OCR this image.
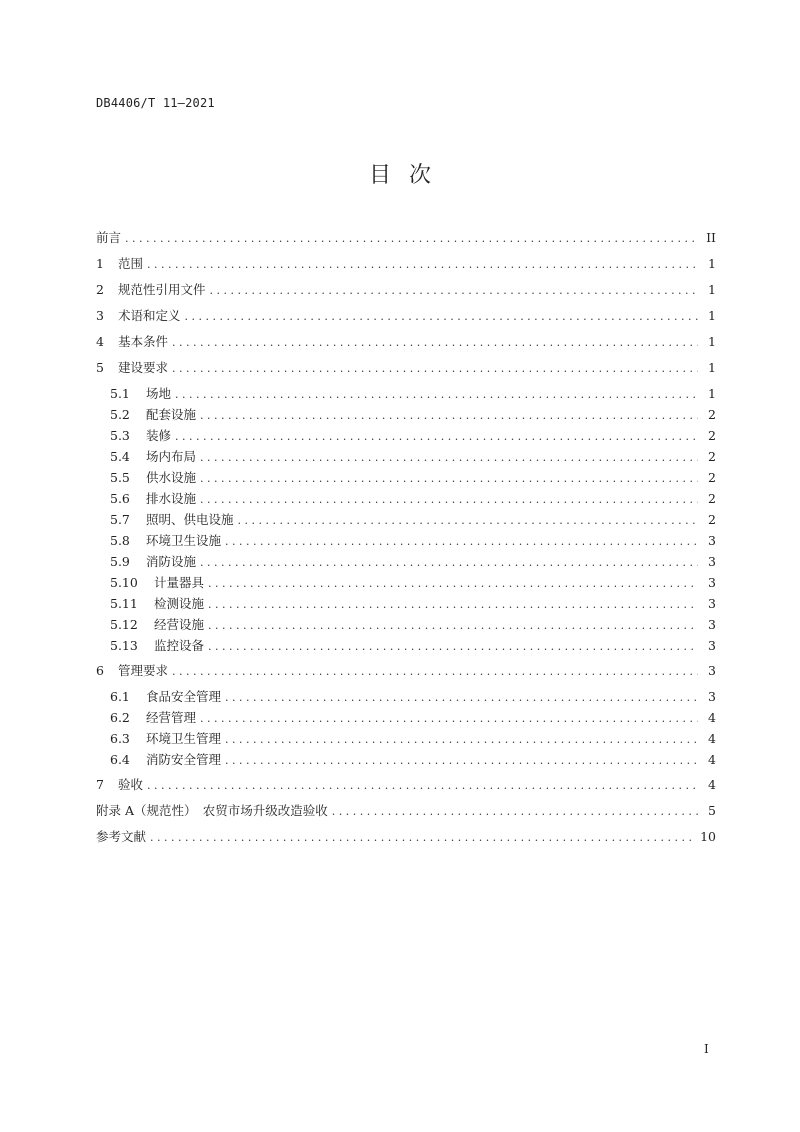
DB4406/T 11—2021
目次
前言 . . .	II
1	范围 . . .	1
2	规范性引用文件 . . .	1
3	术语和定义 . . .	1
4	基本条件 . . .	1
5	建设要求 . . .	1
5.1	场地 . . .	1
5.2	配套设施 . . .	2
5.3	装修 . . .	2
5.4	场内布局 . . .	2
5.5	供水设施 . . .	2
5.6	排水设施 . . .	2
5.7	照明、供电设施 . . .	2
5.8	环境卫生设施 . . .	3
5.9	消防设施 . . .	3
5.10	计量器具 . . .	3
5.11	检测设施 . . .	3
5.12	经营设施 . . .	3
5.13	监控设备 . . .	3
6	管理要求 . . .	3
6.1	食品安全管理 . . .	3
6.2	经营管理 . . .	4
6.3	环境卫生管理 . . .	4
6.4	消防安全管理 . . .	4
7	验收 . . .	4
附录 A（规范性）　农贸市场升级改造验收 . . .	5
参考文献 . . .	10
I
